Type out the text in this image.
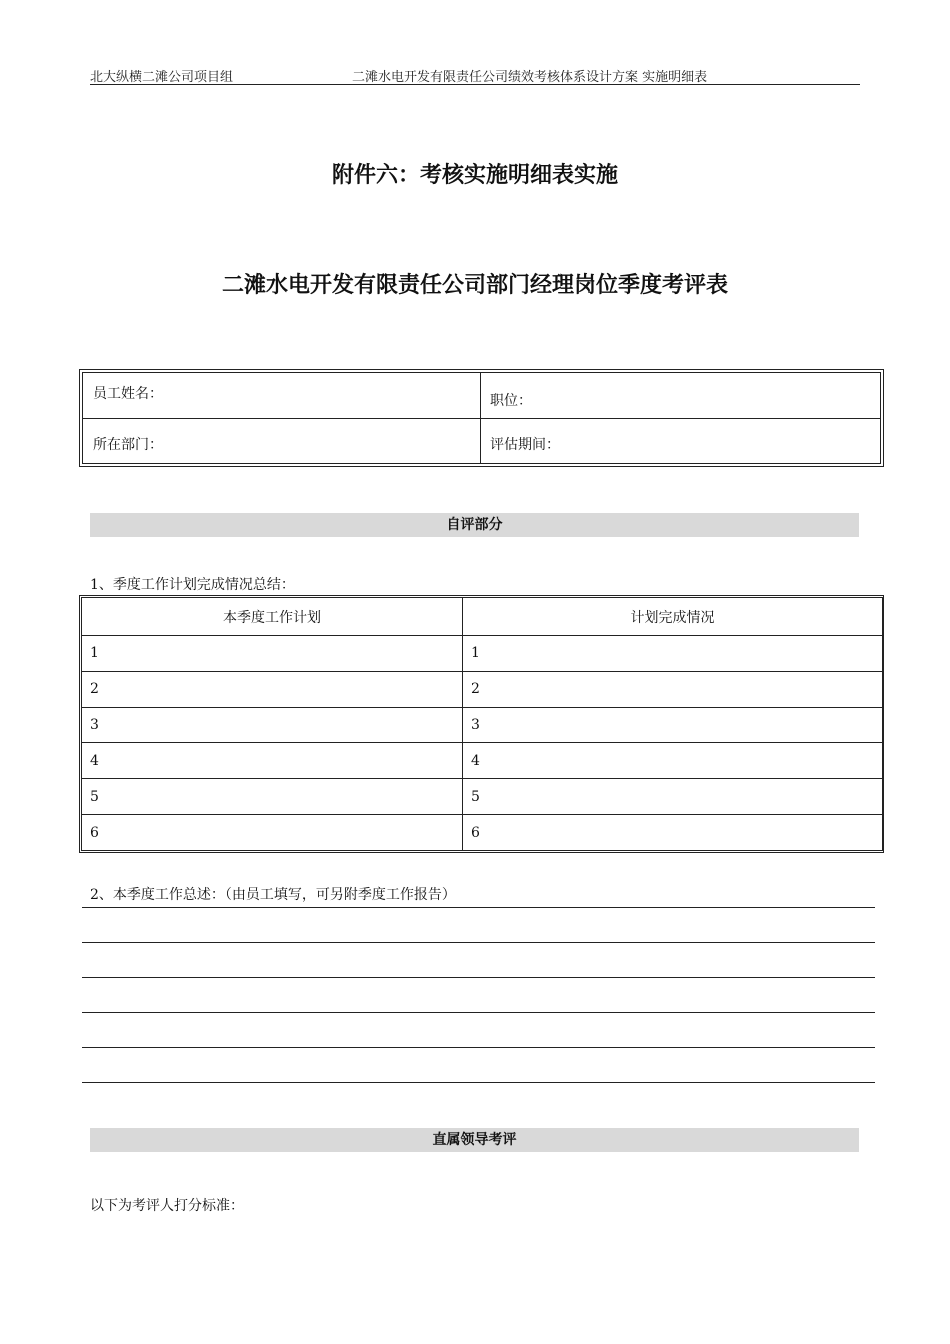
北大纵横二滩公司项目组	二滩水电开发有限责任公司绩效考核体系设计方案 实施明细表
附件六：考核实施明细表实施
二滩水电开发有限责任公司部门经理岗位季度考评表
员工姓名：	职位：
所在部门：	评估期间：
自评部分
1、季度工作计划完成情况总结：
本季度工作计划	计划完成情况
1	1
2	2
3	3
4	4
5	5
6	6
2、本季度工作总述：（由员工填写，可另附季度工作报告）
直属领导考评
以下为考评人打分标准：
